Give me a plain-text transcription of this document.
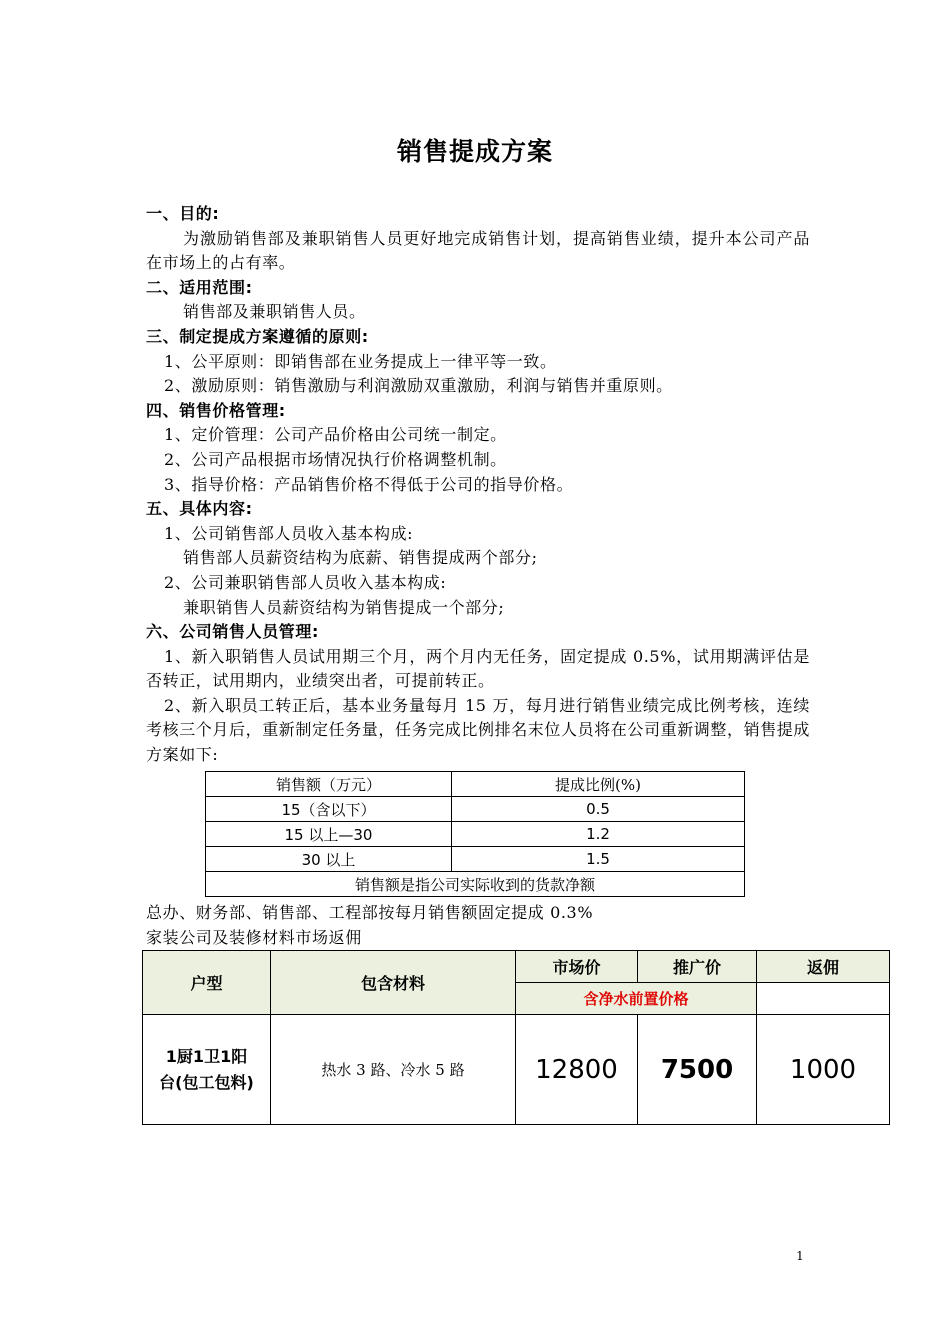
销售提成方案

一、目的:

为激励销售部及兼职销售人员更好地完成销售计划，提高销售业绩，提升本公司产品在市场上的占有率。

二、适用范围:

销售部及兼职销售人员。

三、制定提成方案遵循的原则:

1、公平原则：即销售部在业务提成上一律平等一致。

2、激励原则：销售激励与利润激励双重激励，利润与销售并重原则。

四、销售价格管理:

1、定价管理：公司产品价格由公司统一制定。

2、公司产品根据市场情况执行价格调整机制。

3、指导价格：产品销售价格不得低于公司的指导价格。

五、具体内容:

1、公司销售部人员收入基本构成:

销售部人员薪资结构为底薪、销售提成两个部分;

2、公司兼职销售部人员收入基本构成:

兼职销售人员薪资结构为销售提成一个部分;

六、公司销售人员管理:

1、新入职销售人员试用期三个月，两个月内无任务，固定提成 0.5%，试用期满评估是否转正，试用期内，业绩突出者，可提前转正。

2、新入职员工转正后，基本业务量每月 15 万，每月进行销售业绩完成比例考核，连续考核三个月后，重新制定任务量，任务完成比例排名末位人员将在公司重新调整，销售提成方案如下:

销售额（万元）	提成比例(%)
15（含以下）	0.5
15 以上—30	1.2
30 以上	1.5
销售额是指公司实际收到的货款净额	

总办、财务部、销售部、工程部按每月销售额固定提成 0.3%

家装公司及装修材料市场返佣

户型	包含材料	市场价	推广价	返佣
		含净水前置价格		

1厨1卫1阳
台(包工包料)	热水 3 路、冷水 5 路	12800	7500	1000
1
